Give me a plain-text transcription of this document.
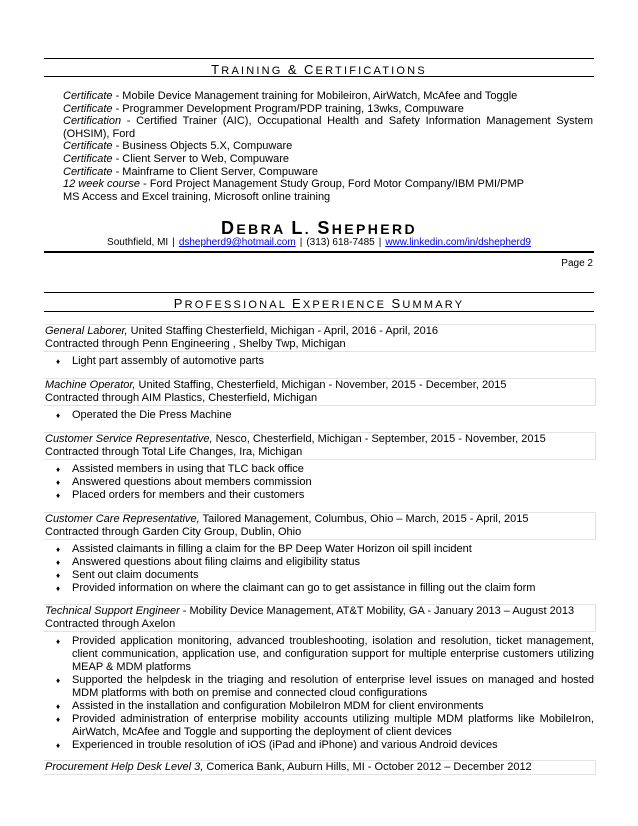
TRAINING & CERTIFICATIONS
Certificate - Mobile Device Management training for Mobileiron, AirWatch, McAfee and Toggle
Certificate - Programmer Development Program/PDP training, 13wks, Compuware
Certification - Certified Trainer (AIC), Occupational Health and Safety Information Management System (OHSIM), Ford
Certificate - Business Objects 5.X, Compuware
Certificate - Client Server to Web, Compuware
Certificate - Mainframe to Client Server, Compuware
12 week course - Ford Project Management Study Group, Ford Motor Company/IBM PMI/PMP
MS Access and Excel training, Microsoft online training
DEBRA L. SHEPHERD
Southfield, MI | dshepherd9@hotmail.com | (313) 618-7485 | www.linkedin.com/in/dshepherd9
Page 2
PROFESSIONAL EXPERIENCE SUMMARY
General Laborer, United Staffing Chesterfield, Michigan - April, 2016 - April, 2016
Contracted through Penn Engineering , Shelby Twp, Michigan
♦ Light part assembly of automotive parts
Machine Operator, United Staffing, Chesterfield, Michigan - November, 2015 - December, 2015
Contracted through AIM Plastics, Chesterfield, Michigan
♦ Operated the Die Press Machine
Customer Service Representative, Nesco, Chesterfield, Michigan - September, 2015 - November, 2015
Contracted through Total Life Changes, Ira, Michigan
♦ Assisted members in using that TLC back office
♦ Answered questions about members commission
♦ Placed orders for members and their customers
Customer Care Representative, Tailored Management, Columbus, Ohio – March, 2015 - April, 2015
Contracted through Garden City Group, Dublin, Ohio
♦ Assisted claimants in filling a claim for the BP Deep Water Horizon oil spill incident
♦ Answered questions about filing claims and eligibility status
♦ Sent out claim documents
♦ Provided information on where the claimant can go to get assistance in filling out the claim form
Technical Support Engineer - Mobility Device Management, AT&T Mobility, GA - January 2013 – August 2013
Contracted through Axelon
♦ Provided application monitoring, advanced troubleshooting, isolation and resolution, ticket management, client communication, application use, and configuration support for multiple enterprise customers utilizing MEAP & MDM platforms
♦ Supported the helpdesk in the triaging and resolution of enterprise level issues on managed and hosted MDM platforms with both on premise and connected cloud configurations
♦ Assisted in the installation and configuration MobileIron MDM for client environments
♦ Provided administration of enterprise mobility accounts utilizing multiple MDM platforms like MobileIron, AirWatch, McAfee and Toggle and supporting the deployment of client devices
♦ Experienced in trouble resolution of iOS (iPad and iPhone) and various Android devices
Procurement Help Desk Level 3, Comerica Bank, Auburn Hills, MI - October 2012 – December 2012
